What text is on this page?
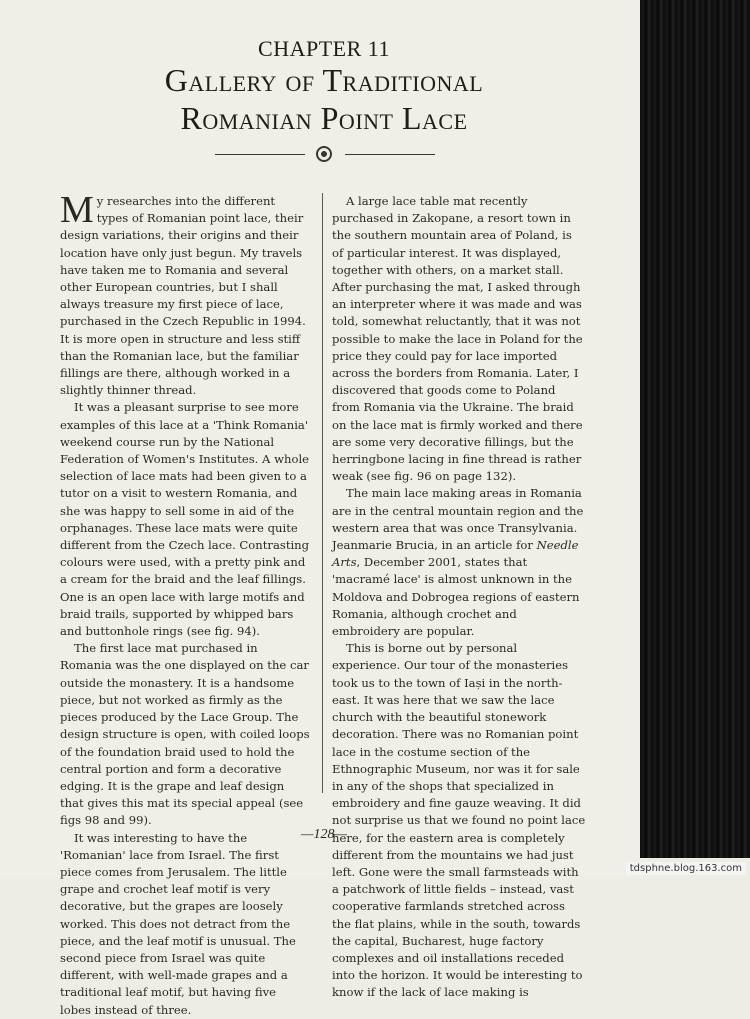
CHAPTER 11
Gallery of Traditional
Romanian Point Lace

My researches into the different types of Romanian point lace, their design variations, their origins and their location have only just begun. My travels have taken me to Romania and several other European countries, but I shall always treasure my first piece of lace, purchased in the Czech Republic in 1994. It is more open in structure and less stiff than the Romanian lace, but the familiar fillings are there, although worked in a slightly thinner thread.

It was a pleasant surprise to see more examples of this lace at a 'Think Romania' weekend course run by the National Federation of Women's Institutes. A whole selection of lace mats had been given to a tutor on a visit to western Romania, and she was happy to sell some in aid of the orphanages. These lace mats were quite different from the Czech lace. Contrasting colours were used, with a pretty pink and a cream for the braid and the leaf fillings. One is an open lace with large motifs and braid trails, supported by whipped bars and buttonhole rings (see fig. 94).

The first lace mat purchased in Romania was the one displayed on the car outside the monastery. It is a handsome piece, but not worked as firmly as the pieces produced by the Lace Group. The design structure is open, with coiled loops of the foundation braid used to hold the central portion and form a decorative edging. It is the grape and leaf design that gives this mat its special appeal (see figs 98 and 99).

It was interesting to have the 'Romanian' lace from Israel. The first piece comes from Jerusalem. The little grape and crochet leaf motif is very decorative, but the grapes are loosely worked. This does not detract from the piece, and the leaf motif is unusual. The second piece from Israel was quite different, with well-made grapes and a traditional leaf motif, but having five lobes instead of three.

A large lace table mat recently purchased in Zakopane, a resort town in the southern mountain area of Poland, is of particular interest. It was displayed, together with others, on a market stall. After purchasing the mat, I asked through an interpreter where it was made and was told, somewhat reluctantly, that it was not possible to make the lace in Poland for the price they could pay for lace imported across the borders from Romania. Later, I discovered that goods come to Poland from Romania via the Ukraine. The braid on the lace mat is firmly worked and there are some very decorative fillings, but the herringbone lacing in fine thread is rather weak (see fig. 96 on page 132).

The main lace making areas in Romania are in the central mountain region and the western area that was once Transylvania. Jeanmarie Brucia, in an article for Needle Arts, December 2001, states that 'macramé lace' is almost unknown in the Moldova and Dobrogea regions of eastern Romania, although crochet and embroidery are popular.

This is borne out by personal experience. Our tour of the monasteries took us to the town of Iași in the north-east. It was here that we saw the lace church with the beautiful stonework decoration. There was no Romanian point lace in the costume section of the Ethnographic Museum, nor was it for sale in any of the shops that specialized in embroidery and fine gauze weaving. It did not surprise us that we found no point lace here, for the eastern area is completely different from the mountains we had just left. Gone were the small farmsteads with a patchwork of little fields – instead, vast cooperative farmlands stretched across the flat plains, while in the south, towards the capital, Bucharest, huge factory complexes and oil installations receded into the horizon. It would be interesting to know if the lack of lace making is

—128—
tdsphne.blog.163.com
